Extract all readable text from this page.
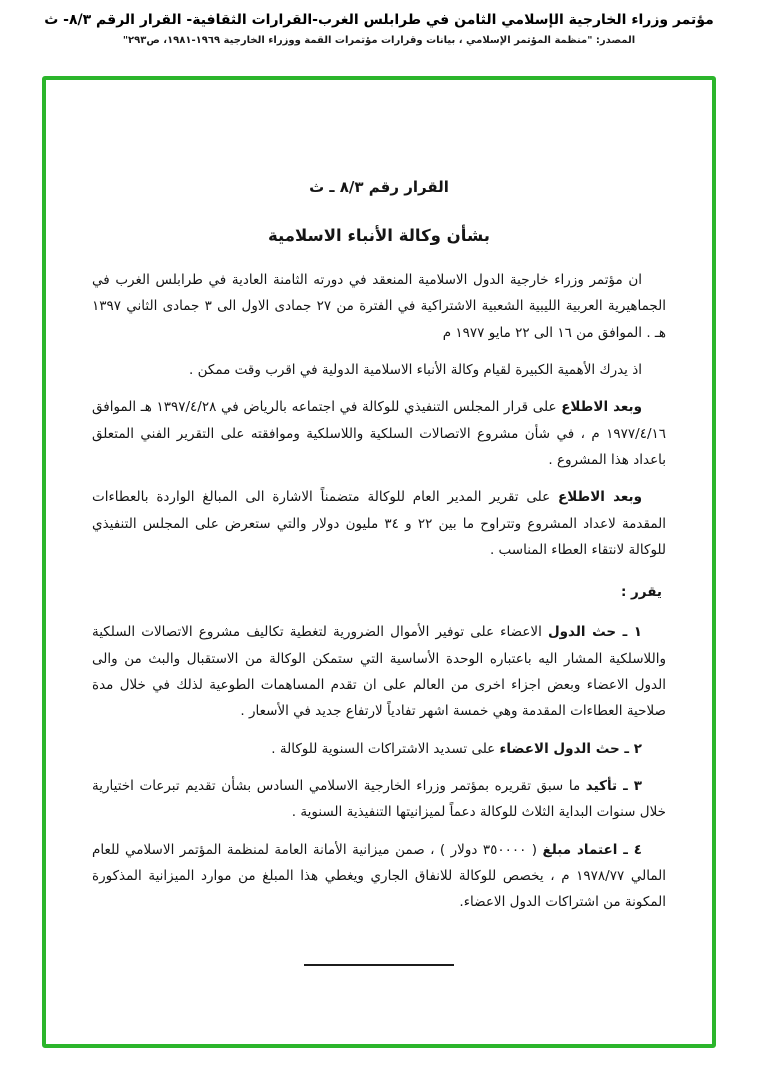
مؤتمر وزراء الخارجية الإسلامي الثامن في طرابلس الغرب-القرارات الثقافية- القرار الرقم ٨/٣- ث
المصدر: "منظمة المؤتمر الإسلامي ، بيانات وقرارات مؤتمرات القمة ووزراء الخارجية ١٩٦٩-١٩٨١، ص٢٩٣"
القرار رقم ٨/٣ ـ ث
بشأن وكالة الأنباء الاسلامية

ان مؤتمر وزراء خارجية الدول الاسلامية المنعقد في دورته الثامنة العادية في طرابلس الغرب في الجماهيرية العربية الليبية الشعبية الاشتراكية في الفترة من ٢٧ جمادى الاول الى ٣ جمادى الثاني ١٣٩٧ هـ . الموافق من ١٦ الى ٢٢ مايو ١٩٧٧ م

اذ يدرك الأهمية الكبيرة لقيام وكالة الأنباء الاسلامية الدولية في اقرب وقت ممكن .

وبعد الاطلاع على قرار المجلس التنفيذي للوكالة في اجتماعه بالرياض في ١٣٩٧/٤/٢٨ هـ الموافق ١٩٧٧/٤/١٦ م ، في شأن مشروع الاتصالات السلكية واللاسلكية وموافقته على التقرير الفني المتعلق باعداد هذا المشروع .

وبعد الاطلاع على تقرير المدير العام للوكالة متضمناً الاشارة الى المبالغ الواردة بالعطاءات المقدمة لاعداد المشروع وتتراوح ما بين ٢٢ و ٣٤ مليون دولار والتي ستعرض على المجلس التنفيذي للوكالة لانتقاء العطاء المناسب .

يقرر :

١ ـ حث الدول الاعضاء على توفير الأموال الضرورية لتغطية تكاليف مشروع الاتصالات السلكية واللاسلكية المشار اليه باعتباره الوحدة الأساسية التي ستمكن الوكالة من الاستقبال والبث من والى الدول الاعضاء وبعض اجزاء اخرى من العالم على ان تقدم المساهمات الطوعية لذلك في خلال مدة صلاحية العطاءات المقدمة وهي خمسة اشهر تفادياً لارتفاع جديد في الأسعار .

٢ ـ حث الدول الاعضاء على تسديد الاشتراكات السنوية للوكالة .

٣ ـ تأكيد ما سبق تقريره بمؤتمر وزراء الخارجية الاسلامي السادس بشأن تقديم تبرعات اختيارية خلال سنوات البداية الثلاث للوكالة دعماً لميزانيتها التنفيذية السنوية .

٤ ـ اعتماد مبلغ ( ٣٥٠٠٠٠ دولار ) ، صمن ميزانية الأمانة العامة لمنظمة المؤتمر الاسلامي للعام المالي ١٩٧٨/٧٧ م ، يخصص للوكالة للانفاق الجاري ويغطي هذا المبلغ من موارد الميزانية المذكورة المكونة من اشتراكات الدول الاعضاء.
